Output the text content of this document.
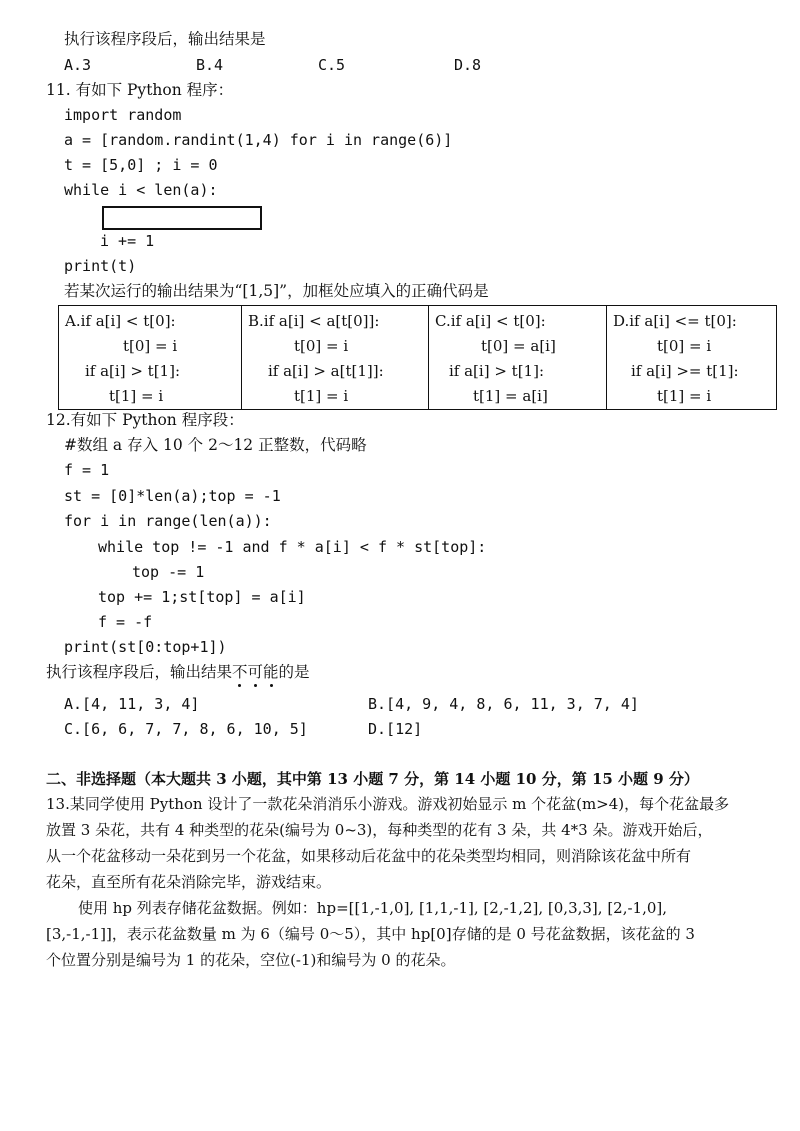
执行该程序段后，输出结果是
A.3	B.4	C.5	D.8
11. 有如下 Python 程序：
import random
a = [random.randint(1,4) for i in range(6)]
t = [5,0] ; i = 0
while i < len(a):
i += 1
print(t)
若某次运行的输出结果为“[1,5]”，加框处应填入的正确代码是
A.if a[i] < t[0]:
t[0] = i
if a[i] > t[1]:
t[1] = i

B.if a[i] < a[t[0]]:
t[0] = i
if a[i] > a[t[1]]:
t[1] = i

C.if a[i] < t[0]:
t[0] = a[i]
if a[i] > t[1]:
t[1] = a[i]

D.if a[i] <= t[0]:
t[0] = i
if a[i] >= t[1]:
t[1] = i
12.有如下 Python 程序段：
#数组 a 存入 10 个 2～12 正整数，代码略
f = 1
st = [0]*len(a);top = -1
for i in range(len(a)):
while top != -1 and f * a[i] < f * st[top]:
top -= 1
top += 1;st[top] = a[i]
f = -f
print(st[0:top+1])
执行该程序段后，输出结果不可能
的是
A.[4, 11, 3, 4]	B.[4, 9, 4, 8, 6, 11, 3, 7, 4]
C.[6, 6, 7, 7, 8, 6, 10, 5]	D.[12]
二、非选择题（本大题共 3 小题，其中第 13 小题 7 分，第 14 小题 10 分，第 15 小题 9 分）
13.某同学使用 Python 设计了一款花朵消消乐小游戏。游戏初始显示 m 个花盆(m>4)，每个花盆最多
放置 3 朵花，共有 4 种类型的花朵(编号为 0~3)，每种类型的花有 3 朵，共 4*3 朵。游戏开始后，
从一个花盆移动一朵花到另一个花盆，如果移动后花盆中的花朵类型均相同，则消除该花盆中所有
花朵，直至所有花朵消除完毕，游戏结束。
使用 hp 列表存储花盆数据。例如：hp=[[1,-1,0], [1,1,-1], [2,-1,2], [0,3,3], [2,-1,0],
[3,-1,-1]]，表示花盆数量 m 为 6（编号 0～5），其中 hp[0]存储的是 0 号花盆数据，该花盆的 3
个位置分别是编号为 1 的花朵，空位(-1)和编号为 0 的花朵。
